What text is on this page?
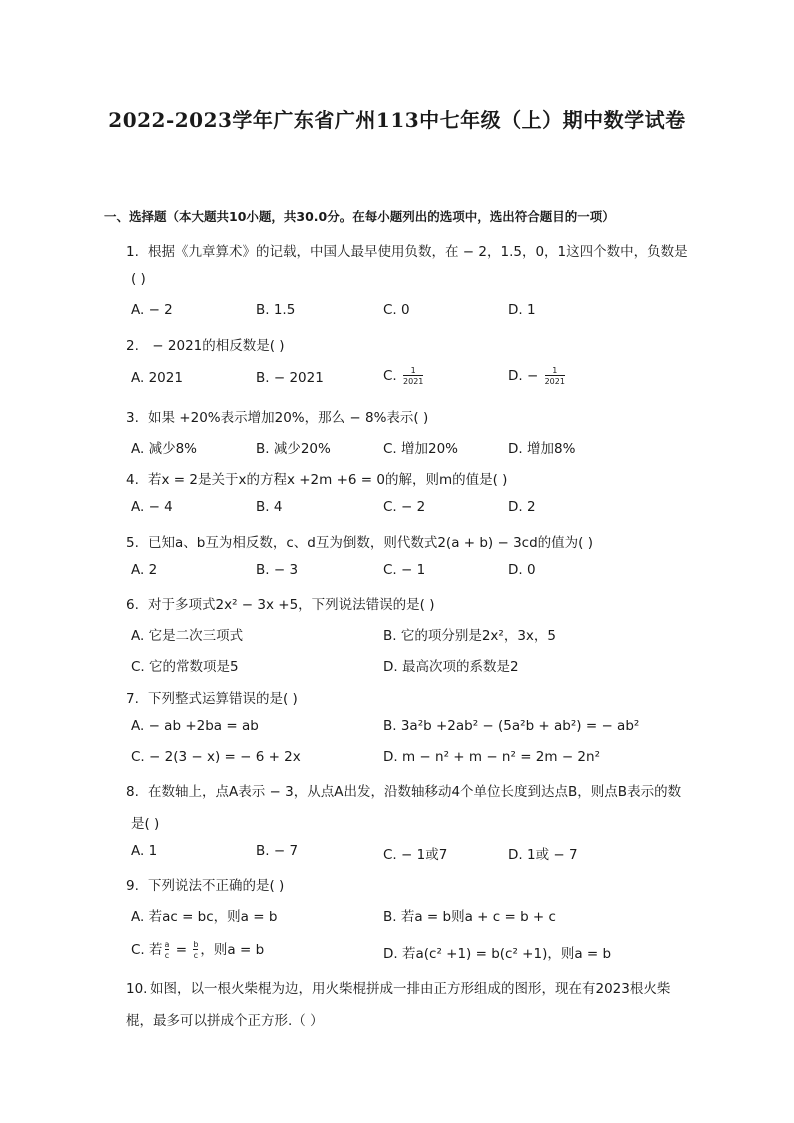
2022-2023学年广东省广州113中七年级（上）期中数学试卷
一、选择题（本大题共10小题，共30.0分。在每小题列出的选项中，选出符合题目的一项）
1. 根据《九章算术》的记载，中国人最早使用负数，在 − 2，1.5，0，1这四个数中，负数是
( )
A. − 2	B. 1.5	C. 0	D. 1
2. − 2021的相反数是( )
A. 2021	B. − 2021	C. $\frac{1}{2021}$	D. − $\frac{1}{2021}$
3. 如果 +20%表示增加20%，那么 − 8%表示( )
A. 减少8%	B. 减少20%	C. 增加20%	D. 增加8%
4. 若x = 2是关于x的方程x +2m +6 = 0的解，则m的值是( )
A. − 4	B. 4	C. − 2	D. 2
5. 已知a、b互为相反数，c、d互为倒数，则代数式2(a + b) − 3cd的值为( )
A. 2	B. − 3	C. − 1	D. 0
6. 对于多项式2x² − 3x +5，下列说法错误的是( )
A. 它是二次三项式	B. 它的项分别是2x²，3x，5
C. 它的常数项是5	D. 最高次项的系数是2
7. 下列整式运算错误的是( )
A. − ab +2ba = ab	B. 3a²b +2ab² − (5a²b + ab²) = − ab²
C. − 2(3 − x) = − 6 + 2x	D. m − n² + m − n² = 2m − 2n²
8. 在数轴上，点A表示 − 3，从点A出发，沿数轴移动4个单位长度到达点B，则点B表示的数
是( )
A. 1	B. − 7	C. − 1或7	D. 1或 − 7
9. 下列说法不正确的是( )
A. 若ac = bc，则a = b	B. 若a = b则a + c = b + c
C. 若 $\frac{a}{c} = \frac{b}{c}$ ，则a = b	D. 若a(c² +1) = b(c² +1)，则a = b
10. 如图，以一根火柴棍为边，用火柴棍拼成一排由正方形组成的图形，现在有2023根火柴
棍，最多可以拼成个正方形.（ ）
